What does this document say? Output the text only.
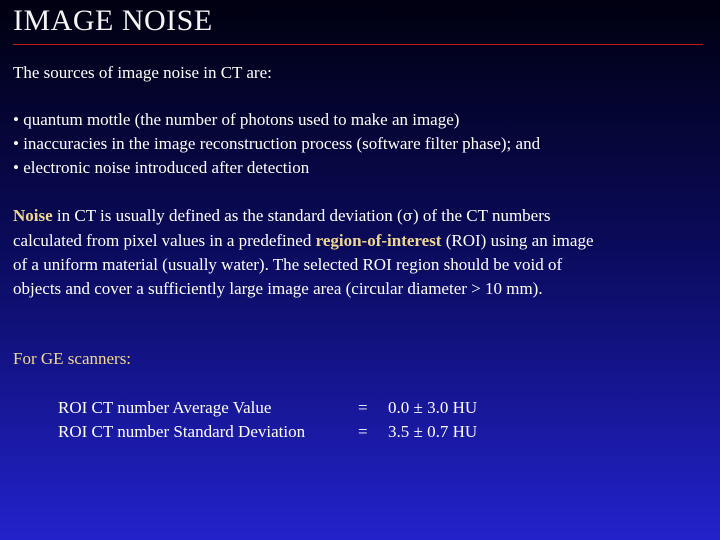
IMAGE NOISE
The sources of image noise in CT are:
• quantum mottle (the number of photons used to make an image)
• inaccuracies in the image reconstruction process (software filter phase); and
• electronic noise introduced after detection
Noise in CT is usually defined as the standard deviation (σ) of the CT numbers
calculated from pixel values in a predefined region-of-interest (ROI) using an image
of a uniform material (usually water). The selected ROI region should be void of
objects and cover a sufficiently large image area (circular diameter > 10 mm).
For GE scanners:
ROI CT number Average Value	= 0.0 ± 3.0 HU
ROI CT number Standard Deviation	= 3.5 ± 0.7 HU
